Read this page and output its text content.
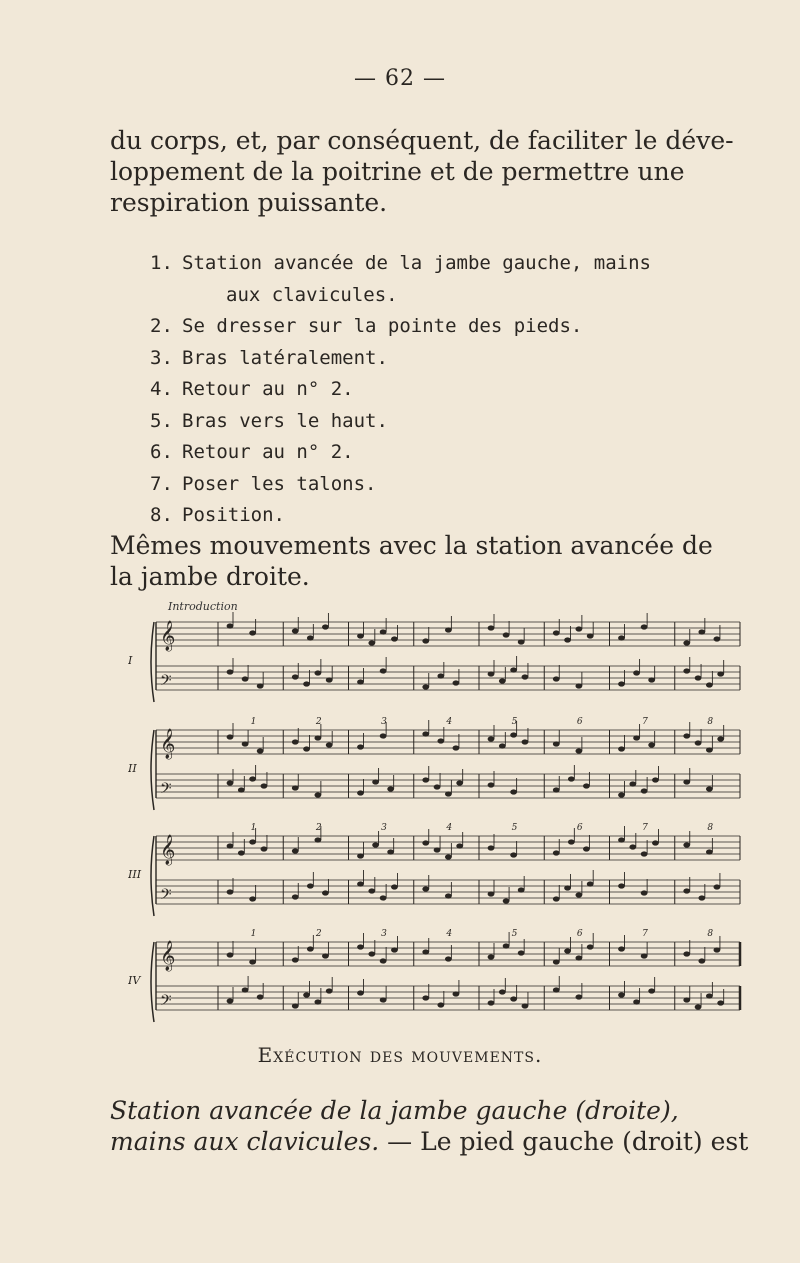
— 62 —

du corps, et, par conséquent, de faciliter le déve-
loppement de la poitrine et de permettre une
respiration puissante.

1. Station avancée de la jambe gauche, mains
aux clavicules.
2. Se dresser sur la pointe des pieds.
3. Bras latéralement.
4. Retour au n° 2.
5. Bras vers le haut.
6. Retour au n° 2.
7. Poser les talons.
8. Position.

Mêmes mouvements avec la station avancée de
la jambe droite.

Introduction
I
𝄞
𝄢
II
1	2	3	4	5	6	7	8
𝄞
𝄢
III
1	2	3	4	5	6	7	8
𝄞
𝄢
IV
1	2	3	4	5	6	7	8
𝄞
𝄢
Exécution des mouvements.

Station avancée de la jambe gauche (droite),
mains aux clavicules. — Le pied gauche (droit) est
